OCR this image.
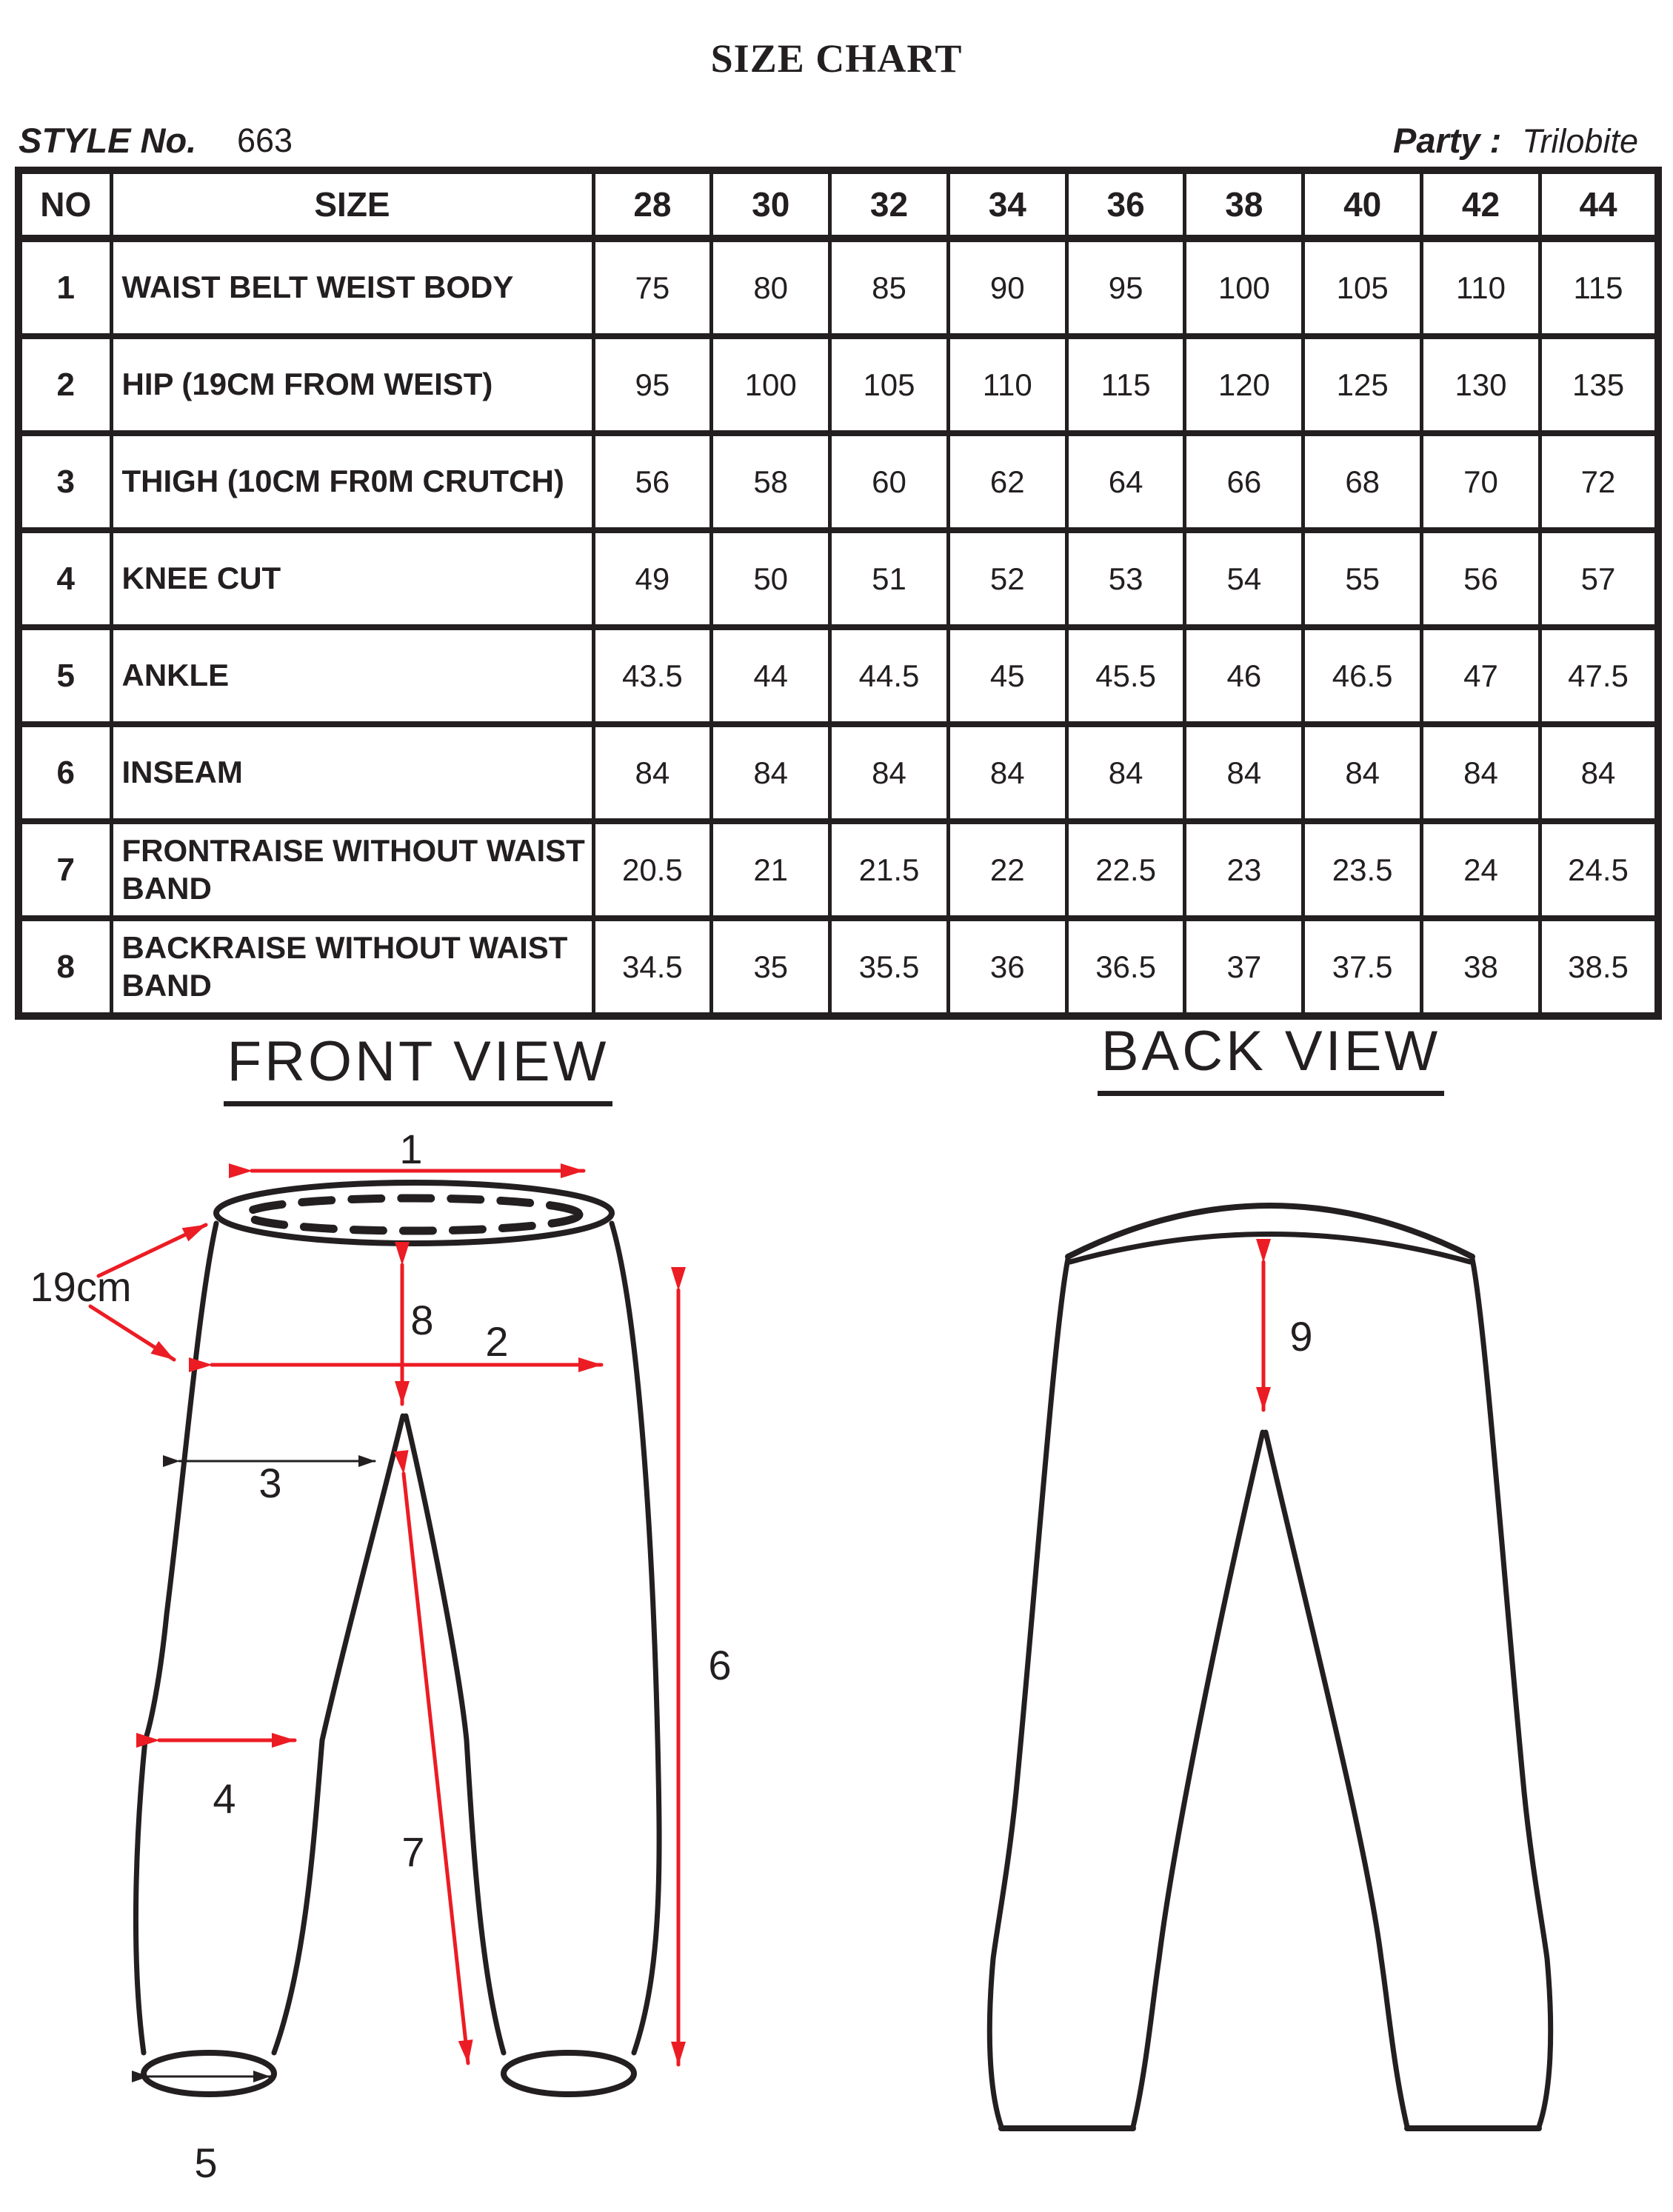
SIZE CHART
STYLE No. 663	Party : Trilobite
NO	SIZE	28	30	32	34	36	38	40	42	44
1	WAIST BELT WEIST BODY	75	80	85	90	95	100	105	110	115
2	HIP (19CM FROM WEIST)	95	100	105	110	115	120	125	130	135
3	THIGH (10CM FR0M CRUTCH)	56	58	60	62	64	66	68	70	72
4	KNEE CUT	49	50	51	52	53	54	55	56	57
5	ANKLE	43.5	44	44.5	45	45.5	46	46.5	47	47.5
6	INSEAM	84	84	84	84	84	84	84	84	84
7	FRONTRAISE WITHOUT WAIST BAND	20.5	21	21.5	22	22.5	23	23.5	24	24.5
8	BACKRAISE WITHOUT WAIST BAND	34.5	35	35.5	36	36.5	37	37.5	38	38.5
FRONT VIEW	BACK VIEW
1
19cm
8 2
3
4
6
7
5
9
